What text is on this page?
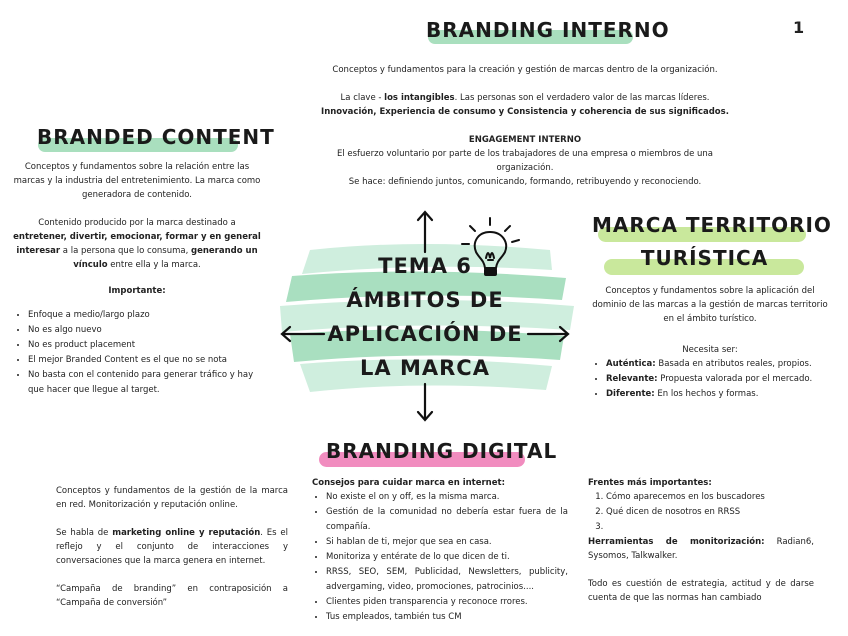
1
BRANDING INTERNO
Conceptos y fundamentos para la creación y gestión de marcas dentro de la organización.
La clave - los intangibles. Las personas son el verdadero valor de las marcas líderes.
Innovación, Experiencia de consumo y Consistencia y coherencia de sus significados.
ENGAGEMENT INTERNO
El esfuerzo voluntario por parte de los trabajadores de una empresa o miembros de una organización.
Se hace: definiendo juntos, comunicando, formando, retribuyendo y reconociendo.
BRANDED CONTENT
Conceptos y fundamentos sobre la relación entre las marcas y la industria del entretenimiento. La marca como generadora de contenido.
Contenido producido por la marca destinado a entretener, divertir, emocionar, formar y en general interesar a la persona que lo consuma, generando un vínculo entre ella y la marca.
Importante:
• Enfoque a medio/largo plazo
• No es algo nuevo
• No es product placement
• El mejor Branded Content es el que no se nota
• No basta con el contenido para generar tráfico y hay que hacer que llegue al target.
TEMA 6
ÁMBITOS DE
APLICACIÓN DE
LA MARCA
MARCA TERRITORIO
TURÍSTICA
Conceptos y fundamentos sobre la aplicación del dominio de las marcas a la gestión de marcas territorio en el ámbito turístico.
Necesita ser:
• Auténtica: Basada en atributos reales, propios.
• Relevante: Propuesta valorada por el mercado.
• Diferente: En los hechos y formas.
BRANDING DIGITAL
Conceptos y fundamentos de la gestión de la marca en red. Monitorización y reputación online.
Se habla de marketing online y reputación. Es el reflejo y el conjunto de interacciones y conversaciones que la marca genera en internet.
“Campaña de branding” en contraposición a “Campaña de conversión”
Consejos para cuidar marca en internet:
• No existe el on y off, es la misma marca.
• Gestión de la comunidad no debería estar fuera de la compañía.
• Si hablan de ti, mejor que sea en casa.
• Monitoriza y entérate de lo que dicen de ti.
• RRSS, SEO, SEM, Publicidad, Newsletters, publicity, advergaming, video, promociones, patrocinios....
• Clientes piden transparencia y reconoce rrores.
• Tus empleados, también tus CM
Frentes más importantes:
1. Cómo aparecemos en los buscadores
2. Qué dicen de nosotros en RRSS
3.
Herramientas de monitorización: Radian6, Sysomos, Talkwalker.
Todo es cuestión de estrategia, actitud y de darse cuenta de que las normas han cambiado
